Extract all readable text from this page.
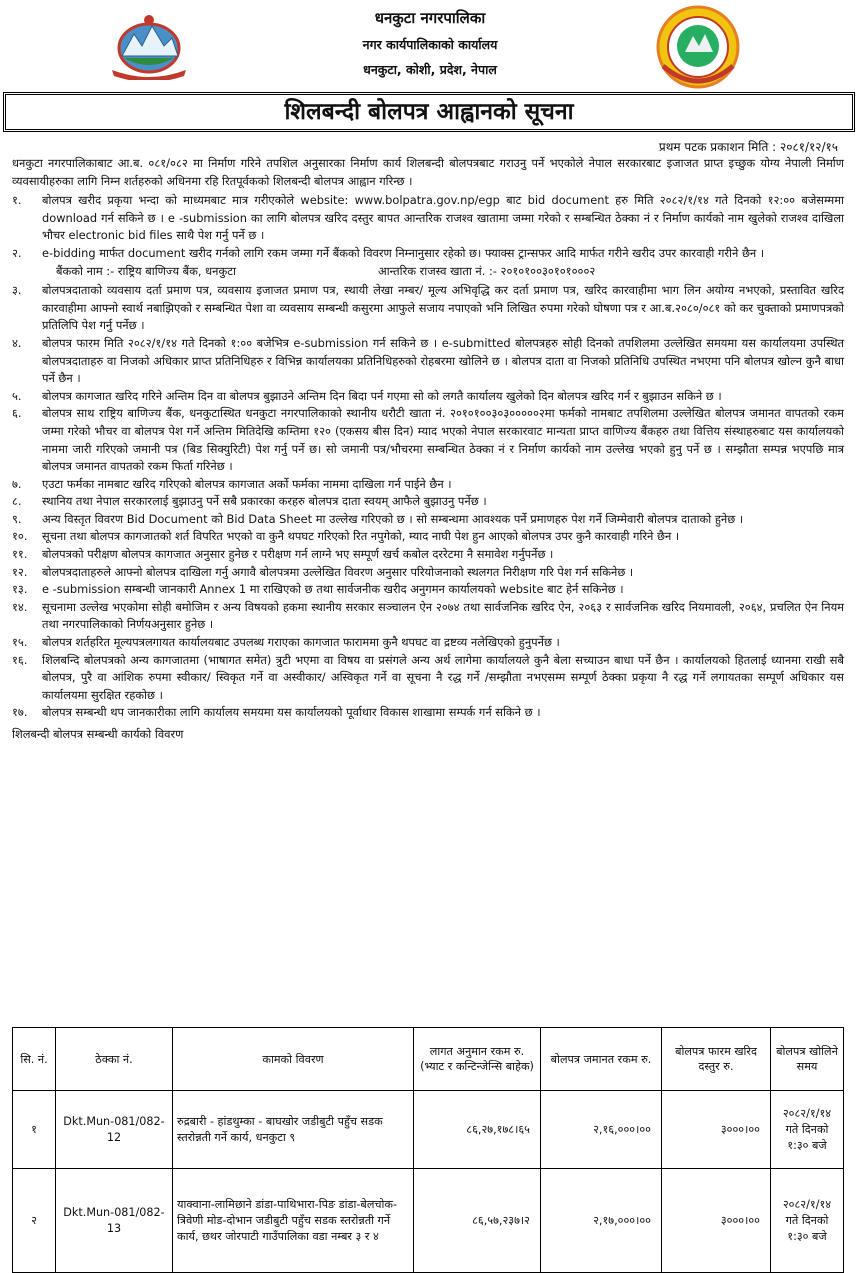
धनकुटा नगरपालिका
नगर कार्यपालिकाको कार्यालय
धनकुटा, कोशी, प्रदेश, नेपाल
शिलबन्दी बोलपत्र आह्वानको सूचना
प्रथम पटक प्रकाशन मिति : २०८१/१२/१५

धनकुटा नगरपालिकाबाट आ.ब. ०८१/०८२ मा निर्माण गरिने तपशिल अनुसारका निर्माण कार्य शिलबन्दी बोलपत्रबाट गराउनु पर्ने भएकोले नेपाल सरकारबाट इजाजत प्राप्त इच्छुक योग्य नेपाली निर्माण व्यवसायीहरुका लागि निम्न शर्तहरुको अधिनमा रहि रितपूर्वकको शिलबन्दी बोलपत्र आह्वान गरिन्छ ।

१.	बोलपत्र खरीद प्रकृया भन्दा को माध्यमबाट मात्र गरीएकोले website: www.bolpatra.gov.np/egp बाट bid document हरु मिति २०८२/१/१४ गते दिनको १२:०० बजेसम्ममा download गर्न सकिने छ । e -submission का लागि बोलपत्र खरिद दस्तुर बापत आन्तरिक राजश्व खातामा जम्मा गरेको र सम्बन्धित ठेक्का नं र निर्माण कार्यको नाम खुलेको राजश्व दाखिला भौचर electronic bid files साथै पेश गर्नु पर्ने छ ।
२.	e-bidding मार्फत document खरीद गर्नको लागि रकम जम्मा गर्ने बैंकको विवरण निम्नानुसार रहेको छ। फ्याक्स ट्रान्सफर आदि मार्फत गरीने खरीद उपर कारवाही गरीने छैन ।
बैंकको नाम :- राष्ट्रिय बाणिज्य बैंक, धनकुटा	आन्तरिक राजस्व खाता नं. :- २०१०१००३०१०१०००२
३.	बोलपत्रदाताको व्यवसाय दर्ता प्रमाण पत्र, व्यवसाय इजाजत प्रमाण पत्र, स्थायी लेखा नम्बर/ मूल्य अभिवृद्धि कर दर्ता प्रमाण पत्र, खरिद कारवाहीमा भाग लिन अयोग्य नभएको, प्रस्तावित खरिद कारवाहीमा आफ्नो स्वार्थ नबाझिएको र सम्बन्धित पेशा वा व्यवसाय सम्बन्धी कसुरमा आफुले सजाय नपाएको भनि लिखित रुपमा गरेको घोषणा पत्र र आ.ब.२०८०/०८१ को कर चुक्ताको प्रमाणपत्रको प्रतिलिपि पेश गर्नु पर्नेछ ।
४.	बोलपत्र फारम मिति २०८२/१/१४ गते दिनको १:०० बजेभित्र e-submission गर्न सकिने छ । e-submitted बोलपत्रहरु सोही दिनको तपशिलमा उल्लेखित समयमा यस कार्यालयमा उपस्थित बोलपत्रदाताहरु वा निजको अधिकार प्राप्त प्रतिनिधिहरु र विभिन्न कार्यालयका प्रतिनिधिहरुको रोहबरमा खोलिने छ । बोलपत्र दाता वा निजको प्रतिनिधि उपस्थित नभएमा पनि बोलपत्र खोल्न कुनै बाधा पर्ने छैन ।
५.	बोलपत्र कागजात खरिद गरिने अन्तिम दिन वा बोलपत्र बुझाउने अन्तिम दिन बिदा पर्न गएमा सो को लगतै कार्यालय खुलेको दिन बोलपत्र खरिद गर्न र बुझाउन सकिने छ ।
६.	बोलपत्र साथ राष्ट्रिय बाणिज्य बैंक, धनकुटास्थित धनकुटा नगरपालिकाको स्थानीय धरौटी खाता नं. २०१०१००३०३०००००२मा फर्मको नामबाट तपशिलमा उल्लेखित बोलपत्र जमानत वापतको रकम जम्मा गरेको भौचर वा बोलपत्र पेश गर्ने अन्तिम मितिदेखि कम्तिमा १२० (एकसय बीस दिन) म्याद भएको नेपाल सरकारवाट मान्यता प्राप्त वाणिज्य बैंकहरु तथा वित्तिय संस्थाहरुबाट यस कार्यालयको नाममा जारी गरिएको जमानी पत्र (बिड सिक्युरिटी) पेश गर्नु पर्ने छ। सो जमानी पत्र/भौचरमा सम्बन्धित ठेक्का नं र निर्माण कार्यको नाम उल्लेख भएको हुनु पर्ने छ । सम्झौता सम्पन्न भएपछि मात्र बोलपत्र जमानत वापतको रकम फिर्ता गरिनेछ ।
७.	एउटा फर्मका नामबाट खरिद गरिएको बोलपत्र कागजात अर्को फर्मका नाममा दाखिला गर्न पाईने छैन ।
८.	स्थानिय तथा नेपाल सरकारलाई बुझाउनु पर्ने सबै प्रकारका करहरु बोलपत्र दाता स्वयम् आफैले बुझाउनु पर्नेछ ।
९.	अन्य विस्तृत विवरण Bid Document को Bid Data Sheet मा उल्लेख गरिएको छ । सो सम्बन्धमा आवश्यक पर्ने प्रमाणहरु पेश गर्ने जिम्मेवारी बोलपत्र दाताको हुनेछ ।
१०.	सूचना तथा बोलपत्र कागजातको शर्त विपरित भएको वा कुनै थपघट गरिएको रित नपुगेको, म्याद नाघी पेश हुन आएको बोलपत्र उपर कुनै कारवाही गरिने छैन ।
११.	बोलपत्रको परीक्षण बोलपत्र कागजात अनुसार हुनेछ र परीक्षण गर्न लाग्ने भए सम्पूर्ण खर्च कबोल दररेटमा नै समावेश गर्नुपर्नेछ ।
१२.	बोलपत्रदाताहरुले आफ्नो बोलपत्र दाखिला गर्नु अगावै बोलपत्रमा उल्लेखित विवरण अनुसार परियोजनाको स्थलगत निरीक्षण गरि पेश गर्न सकिनेछ ।
१३.	e -submission सम्बन्धी जानकारी Annex 1 मा राखिएको छ तथा सार्वजनीक खरीद अनुगमन कार्यालयको website बाट हेर्न सकिनेछ ।
१४.	सूचनामा उल्लेख भएकोमा सोही बमोजिम र अन्य विषयको हकमा स्थानीय सरकार सञ्चालन ऐन २०७४ तथा सार्वजनिक खरिद ऐन, २०६३ र सार्वजनिक खरिद नियमावली, २०६४, प्रचलित ऐन नियम तथा नगरपालिकाको निर्णयअनुसार हुनेछ ।
१५.	बोलपत्र शर्तहरित मूल्यपत्रलगायत कार्यालयबाट उपलब्ध गराएका कागजात फाराममा कुनै थपघट वा द्रष्टव्य नलेखिएको हुनुपर्नेछ ।
१६.	शिलबन्दि बोलपत्रको अन्य कागजातमा (भाषागत समेत) त्रुटी भएमा वा विषय वा प्रसंगले अन्य अर्थ लागेमा कार्यालयले कुनै बेला सच्याउन बाधा पर्ने छैन । कार्यालयको हितलाई ध्यानमा राखी सबै बोलपत्र, पुरै वा आंशिक रुपमा स्वीकार/ स्विकृत गर्ने वा अस्वीकार/ अस्विकृत गर्ने वा सूचना नै रद्ध गर्ने /सम्झौता नभएसम्म सम्पूर्ण ठेक्का प्रकृया नै रद्ध गर्ने लगायतका सम्पूर्ण अधिकार यस कार्यालयमा सुरक्षित रहकोछ ।
१७.	बोलपत्र सम्बन्धी थप जानकारीका लागि कार्यालय समयमा यस कार्यालयको पूर्वाधार विकास शाखामा सम्पर्क गर्न सकिने छ ।
शिलबन्दी बोलपत्र सम्बन्धी कार्यको विवरण
सि. नं.	ठेक्का नं.	कामको विवरण	लागत अनुमान रकम रु. (भ्याट र कन्टिन्जेन्सि बाहेक)	बोलपत्र जमानत रकम रु.	बोलपत्र फारम खरिद दस्तुर रु.	बोलपत्र खोलिने समय
१	Dkt.Mun-081/082-12	रुद्रबारी - हांडथुम्का - बाघखोर जडीबुटी पहुँच सडक स्तरोन्नती गर्ने कार्य, धनकुटा ९	८६,२७,१७८।६५	२,१६,०००।००	३०००।००	२०८२/१/१४ गते दिनको १:३० बजे
२	Dkt.Mun-081/082-13	याक्वाना-लामिछाने डांडा-पाथिभारा-पिङ डांडा-बेलचोक-त्रिवेणी मोड-दोभान जडीबुटी पहुँच सडक स्तरोन्नती गर्ने कार्य, छथर जोरपाटी गाउँपालिका वडा नम्बर ३ र ४	८६,५७,२३७।२	२,१७,०००।००	३०००।००	२०८२/१/१४ गते दिनको १:३० बजे
